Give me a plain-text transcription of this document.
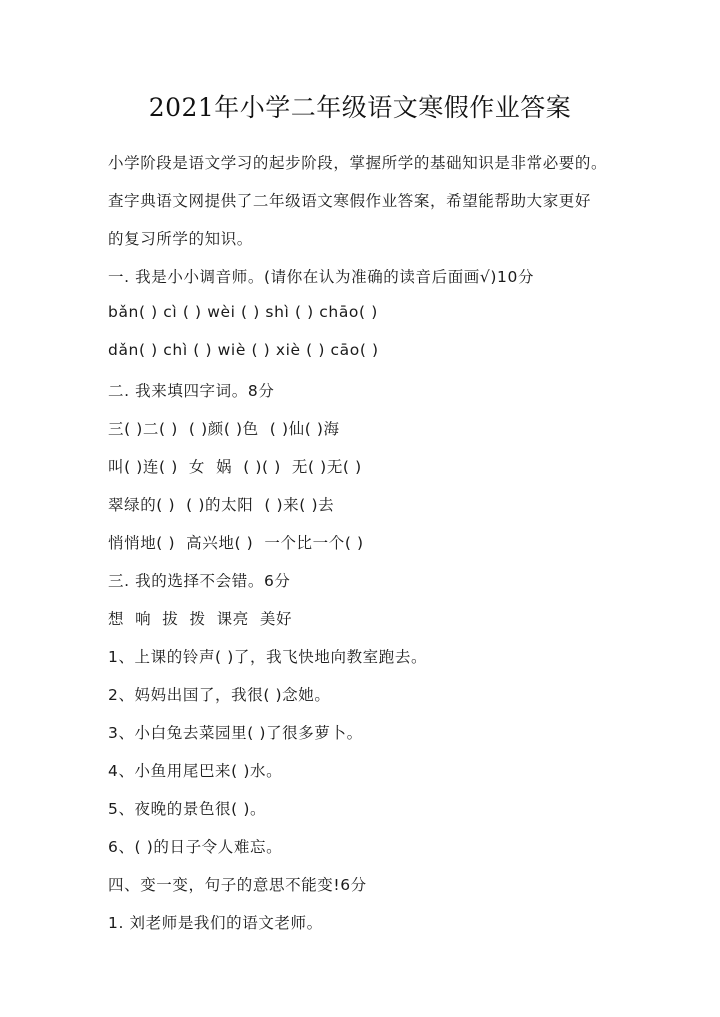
2021年小学二年级语文寒假作业答案

小学阶段是语文学习的起步阶段，掌握所学的基础知识是非常必要的。

查字典语文网提供了二年级语文寒假作业答案，希望能帮助大家更好

的复习所学的知识。

一. 我是小小调音师。(请你在认为准确的读音后面画√)10分

bǎn( ) cì ( ) wèi ( ) shì ( ) chāo( )

dǎn( ) chì ( ) wiè ( ) xiè ( ) cāo( )

二. 我来填四字词。8分

三( )二( )  ( )颜( )色  ( )仙( )海

叫( )连( )  女  娲  ( )( )  无( )无( )

翠绿的( )  ( )的太阳  ( )来( )去

悄悄地( )  高兴地( )  一个比一个( )

三. 我的选择不会错。6分

想  响  拔  拨  课亮  美好

1、上课的铃声( )了，我飞快地向教室跑去。

2、妈妈出国了，我很( )念她。

3、小白兔去菜园里( )了很多萝卜。

4、小鱼用尾巴来( )水。

5、夜晚的景色很( )。

6、( )的日子令人难忘。

四、变一变，句子的意思不能变!6分

1. 刘老师是我们的语文老师。
